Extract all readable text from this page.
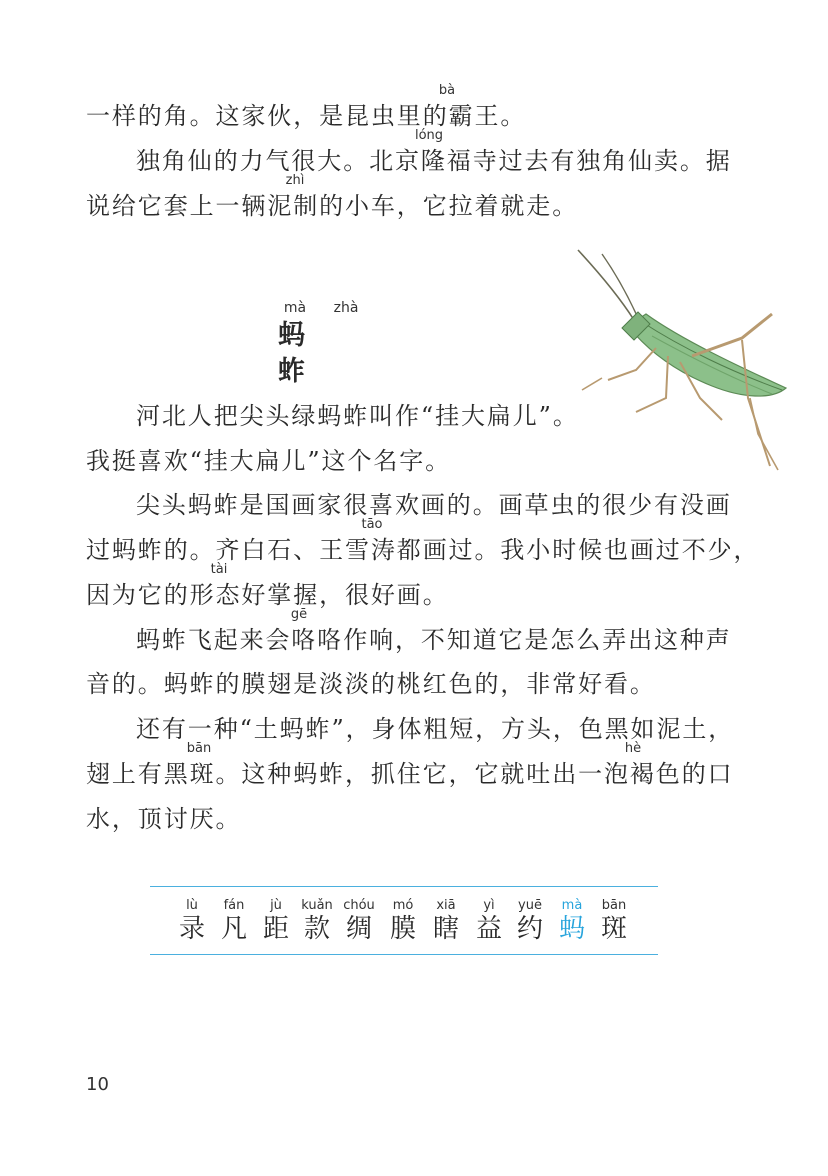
一样的角。这家伙，是昆虫里的霸王。
bà
独角仙的力气很大。北京隆福寺过去有独角仙卖。据
lóng
说给它套上一辆泥制的小车，它拉着就走。
zhì
mà zhà
蚂 蚱
河北人把尖头绿蚂蚱叫作“挂大扁儿”。
我挺喜欢“挂大扁儿”这个名字。
尖头蚂蚱是国画家很喜欢画的。画草虫的很少有没画
过蚂蚱的。齐白石、王雪涛都画过。我小时候也画过不少，
tāo
因为它的形态好掌握，很好画。
tài
蚂蚱飞起来会咯咯作响，不知道它是怎么弄出这种声
gē
音的。蚂蚱的膜翅是淡淡的桃红色的，非常好看。
还有一种“土蚂蚱”，身体粗短，方头，色黑如泥土，
翅上有黑斑。这种蚂蚱，抓住它，它就吐出一泡褐色的口
bān	hè
水，顶讨厌。
lù
录
fán
凡
jù
距
kuǎn
款
chóu
绸
mó
膜
xiā
瞎
yì
益
yuē
约
mà
蚂
bān
斑
10
